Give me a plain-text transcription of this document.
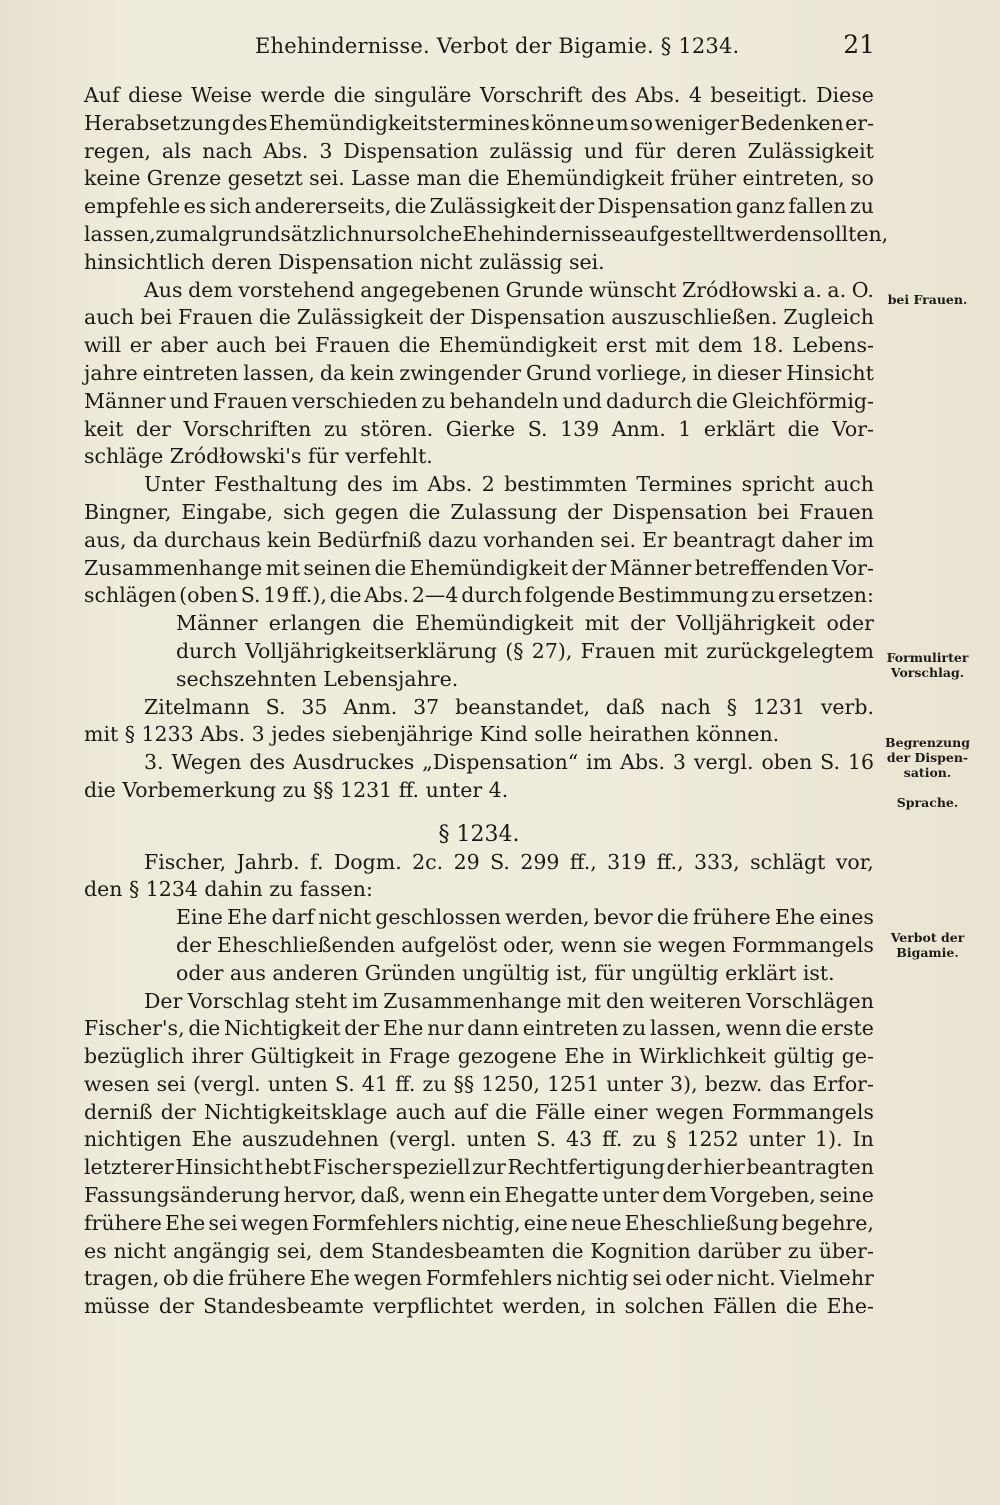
Ehehindernisse. Verbot der Bigamie. § 1234.	21
Auf diese Weise werde die singuläre Vorschrift des Abs. 4 beseitigt. Diese
Herabsetzung des Ehemündigkeitstermines könne um so weniger Bedenken er-
regen, als nach Abs. 3 Dispensation zulässig und für deren Zulässigkeit
keine Grenze gesetzt sei. Lasse man die Ehemündigkeit früher eintreten, so
empfehle es sich andererseits, die Zulässigkeit der Dispensation ganz fallen zu
lassen, zumal grundsätzlich nur solche Ehehindernisse aufgestellt werden sollten,
hinsichtlich deren Dispensation nicht zulässig sei.
Aus dem vorstehend angegebenen Grunde wünscht Zródłowski a. a. O.
auch bei Frauen die Zulässigkeit der Dispensation auszuschließen. Zugleich
will er aber auch bei Frauen die Ehemündigkeit erst mit dem 18. Lebens-
jahre eintreten lassen, da kein zwingender Grund vorliege, in dieser Hinsicht
Männer und Frauen verschieden zu behandeln und dadurch die Gleichförmig-
keit der Vorschriften zu stören. Gierke S. 139 Anm. 1 erklärt die Vor-
schläge Zródłowski's für verfehlt.
Unter Festhaltung des im Abs. 2 bestimmten Termines spricht auch
Bingner, Eingabe, sich gegen die Zulassung der Dispensation bei Frauen
aus, da durchaus kein Bedürfniß dazu vorhanden sei. Er beantragt daher im
Zusammenhange mit seinen die Ehemündigkeit der Männer betreffenden Vor-
schlägen (oben S. 19 ff.), die Abs. 2—4 durch folgende Bestimmung zu ersetzen:
Männer erlangen die Ehemündigkeit mit der Volljährigkeit oder
durch Volljährigkeitserklärung (§ 27), Frauen mit zurückgelegtem
sechszehnten Lebensjahre.
Zitelmann S. 35 Anm. 37 beanstandet, daß nach § 1231 verb.
mit § 1233 Abs. 3 jedes siebenjährige Kind solle heirathen können.
3. Wegen des Ausdruckes „Dispensation“ im Abs. 3 vergl. oben S. 16
die Vorbemerkung zu §§ 1231 ff. unter 4.
§ 1234.
Fischer, Jahrb. f. Dogm. 2c. 29 S. 299 ff., 319 ff., 333, schlägt vor,
den § 1234 dahin zu fassen:
Eine Ehe darf nicht geschlossen werden, bevor die frühere Ehe eines
der Eheschließenden aufgelöst oder, wenn sie wegen Formmangels
oder aus anderen Gründen ungültig ist, für ungültig erklärt ist.
Der Vorschlag steht im Zusammenhange mit den weiteren Vorschlägen
Fischer's, die Nichtigkeit der Ehe nur dann eintreten zu lassen, wenn die erste
bezüglich ihrer Gültigkeit in Frage gezogene Ehe in Wirklichkeit gültig ge-
wesen sei (vergl. unten S. 41 ff. zu §§ 1250, 1251 unter 3), bezw. das Erfor-
derniß der Nichtigkeitsklage auch auf die Fälle einer wegen Formmangels
nichtigen Ehe auszudehnen (vergl. unten S. 43 ff. zu § 1252 unter 1). In
letzterer Hinsicht hebt Fischer speziell zur Rechtfertigung der hier beantragten
Fassungsänderung hervor, daß, wenn ein Ehegatte unter dem Vorgeben, seine
frühere Ehe sei wegen Formfehlers nichtig, eine neue Eheschließung begehre,
es nicht angängig sei, dem Standesbeamten die Kognition darüber zu über-
tragen, ob die frühere Ehe wegen Formfehlers nichtig sei oder nicht. Vielmehr
müsse der Standesbeamte verpflichtet werden, in solchen Fällen die Ehe-
bei Frauen.
Formulirter
Vorschlag.
Begrenzung
der Dispen-
sation.
Sprache.
Verbot der
Bigamie.
